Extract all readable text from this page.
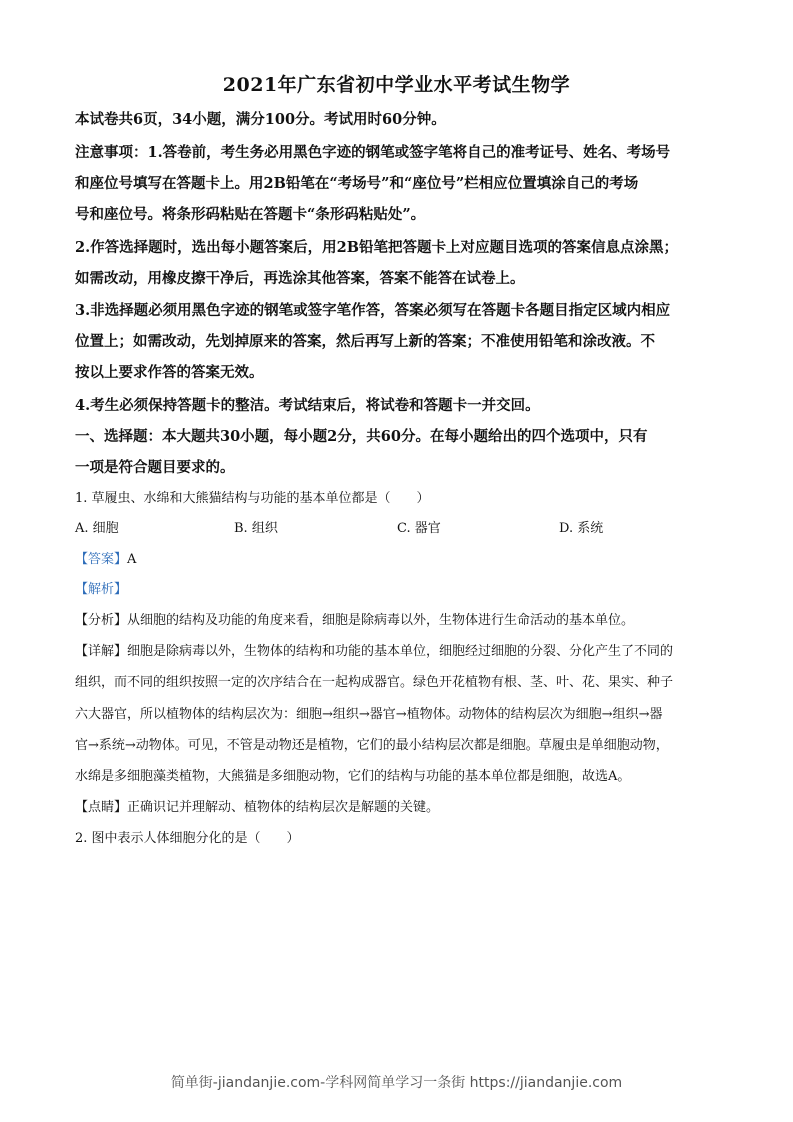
2021年广东省初中学业水平考试生物学
本试卷共6页，34小题，满分100分。考试用时60分钟。
注意事项：1.答卷前，考生务必用黑色字迹的钢笔或签字笔将自己的准考证号、姓名、考场号
和座位号填写在答题卡上。用2B铅笔在“考场号”和“座位号”栏相应位置填涂自己的考场
号和座位号。将条形码粘贴在答题卡“条形码粘贴处”。
2.作答选择题时，选出每小题答案后，用2B铅笔把答题卡上对应题目选项的答案信息点涂黑；
如需改动，用橡皮擦干净后，再选涂其他答案，答案不能答在试卷上。
3.非选择题必须用黑色字迹的钢笔或签字笔作答，答案必须写在答题卡各题目指定区域内相应
位置上；如需改动，先划掉原来的答案，然后再写上新的答案；不准使用铅笔和涂改液。不
按以上要求作答的答案无效。
4.考生必须保持答题卡的整洁。考试结束后，将试卷和答题卡一并交回。
一、选择题：本大题共30小题，每小题2分，共60分。在每小题给出的四个选项中，只有
一项是符合题目要求的。
1. 草履虫、水绵和大熊猫结构与功能的基本单位都是（　　）
A. 细胞	B. 组织	C. 器官	D. 系统
【答案】A
【解析】
【分析】从细胞的结构及功能的角度来看，细胞是除病毒以外，生物体进行生命活动的基本单位。
【详解】细胞是除病毒以外，生物体的结构和功能的基本单位，细胞经过细胞的分裂、分化产生了不同的
组织，而不同的组织按照一定的次序结合在一起构成器官。绿色开花植物有根、茎、叶、花、果实、种子
六大器官，所以植物体的结构层次为：细胞→组织→器官→植物体。动物体的结构层次为细胞→组织→器
官→系统→动物体。可见，不管是动物还是植物，它们的最小结构层次都是细胞。草履虫是单细胞动物，
水绵是多细胞藻类植物，大熊猫是多细胞动物，它们的结构与功能的基本单位都是细胞，故选A。
【点睛】正确识记并理解动、植物体的结构层次是解题的关键。
2. 图中表示人体细胞分化的是（　　）
简单街-jiandanjie.com-学科网简单学习一条街 https://jiandanjie.com
